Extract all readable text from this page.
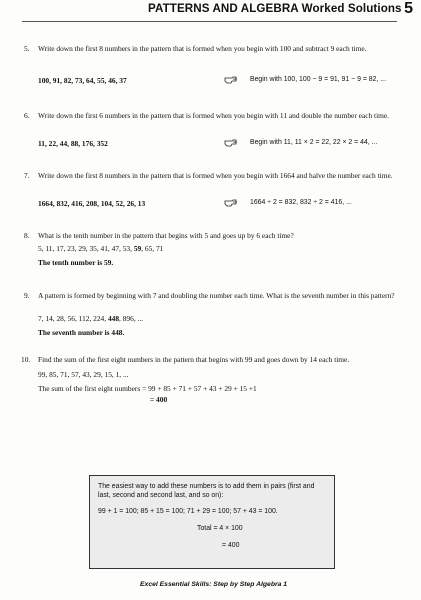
PATTERNS AND ALGEBRA Worked Solutions 5
5. Write down the first 8 numbers in the pattern that is formed when you begin with 100 and subtract 9 each time.
100, 91, 82, 73, 64, 55, 46, 37	Begin with 100, 100 − 9 = 91, 91 − 9 = 82, ...
6. Write down the first 6 numbers in the pattern that is formed when you begin with 11 and double the number each time.
11, 22, 44, 88, 176, 352	Begin with 11, 11 × 2 = 22, 22 × 2 = 44, ...
7. Write down the first 8 numbers in the pattern that is formed when you begin with 1664 and halve the number each time.
1664, 832, 416, 208, 104, 52, 26, 13	1664 ÷ 2 = 832, 832 ÷ 2 = 416, ...
8. What is the tenth number in the pattern that begins with 5 and goes up by 6 each time?
5, 11, 17, 23, 29, 35, 41, 47, 53, 59, 65, 71
The tenth number is 59.
9. A pattern is formed by beginning with 7 and doubling the number each time. What is the seventh number in this pattern?
7, 14, 28, 56, 112, 224, 448, 896, ...
The seventh number is 448.
10. Find the sum of the first eight numbers in the pattern that begins with 99 and goes down by 14 each time.
99, 85, 71, 57, 43, 29, 15, 1, ...
The sum of the first eight numbers = 99 + 85 + 71 + 57 + 43 + 29 + 15 +1
= 400
The easiest way to add these numbers is to add them in pairs (first and
last, second and second last, and so on):
99 + 1 = 100; 85 + 15 = 100; 71 + 29 = 100; 57 + 43 = 100.
Total = 4 × 100
= 400
Excel Essential Skills: Step by Step Algebra 1
